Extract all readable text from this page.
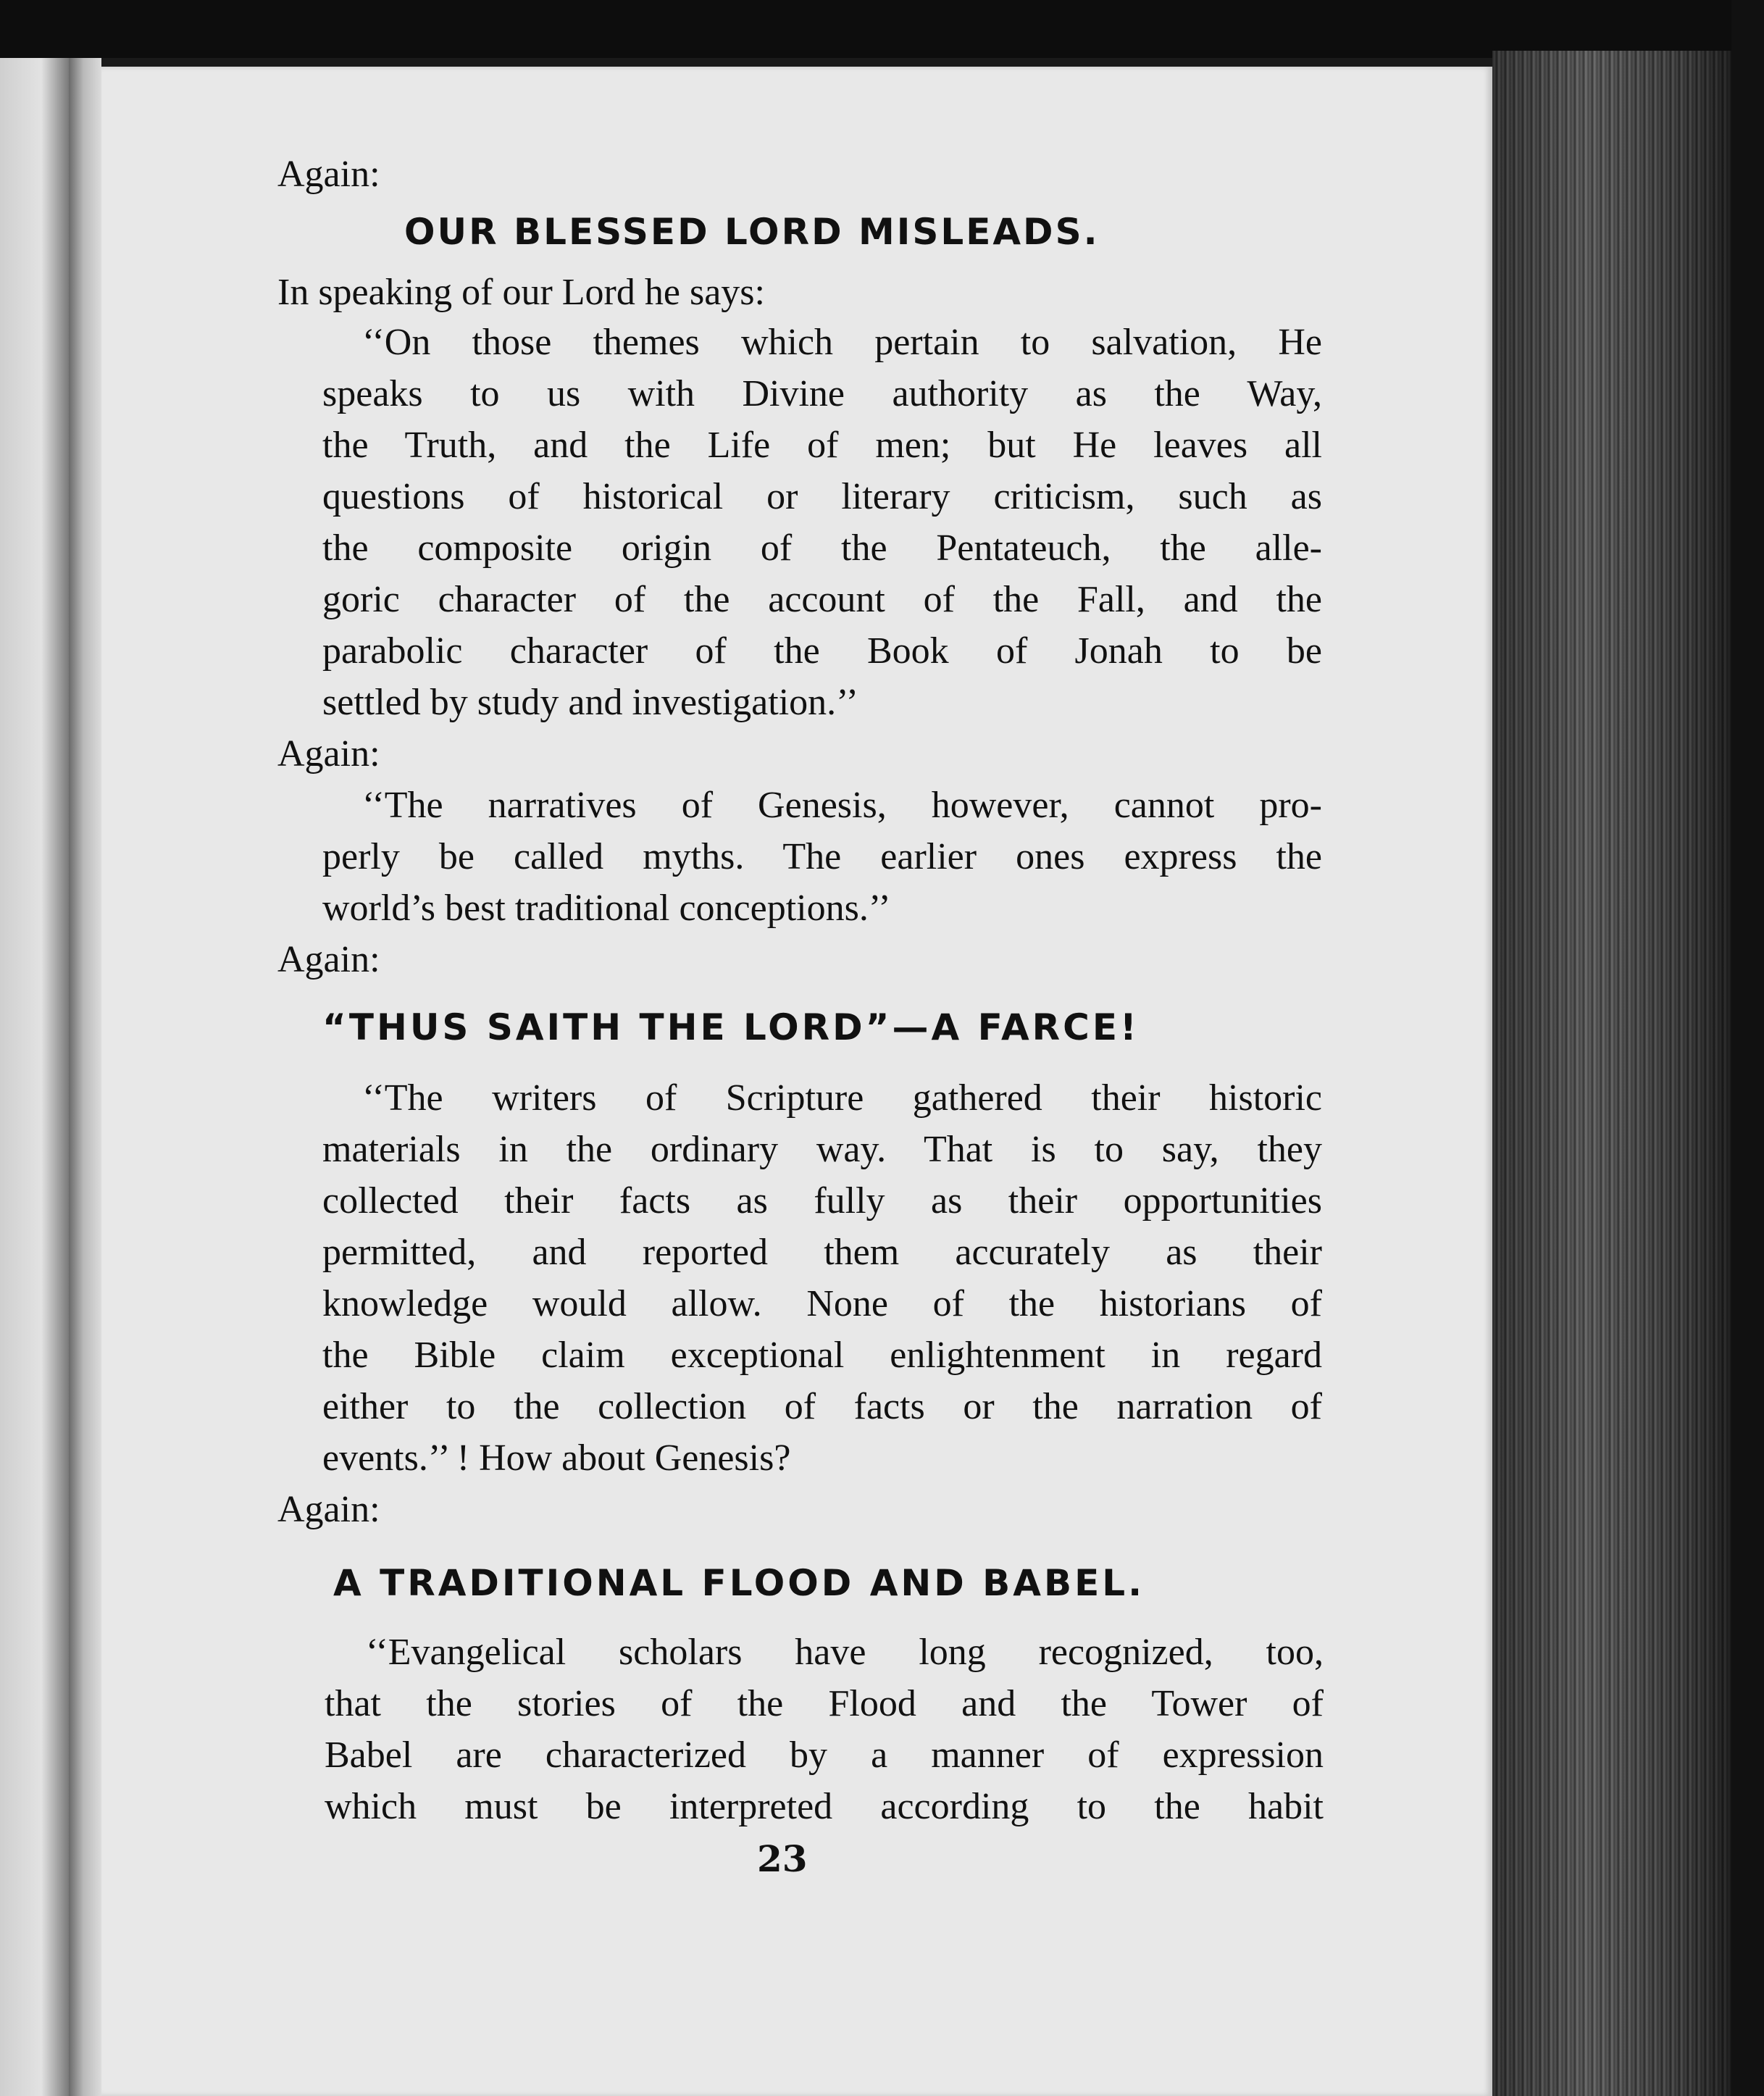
Again:
OUR BLESSED LORD MISLEADS.
In speaking of our Lord he says:
‘‘On those themes which pertain to salvation, He
speaks to us with Divine authority as the Way,
the Truth, and the Life of men; but He leaves all
questions of historical or literary criticism, such as
the composite origin of the Pentateuch, the alle-
goric character of the account of the Fall, and the
parabolic character of the Book of Jonah to be
settled by study and investigation.’’
Again:
‘‘The narratives of Genesis, however, cannot pro-
perly be called myths. The earlier ones express the
world’s best traditional conceptions.’’
Again:
“THUS SAITH THE LORD”—A FARCE!
‘‘The writers of Scripture gathered their historic
materials in the ordinary way. That is to say, they
collected their facts as fully as their opportunities
permitted, and reported them accurately as their
knowledge would allow. None of the historians of
the Bible claim exceptional enlightenment in regard
either to the collection of facts or the narration of
events.’’ ! How about Genesis?
Again:
A TRADITIONAL FLOOD AND BABEL.
‘‘Evangelical scholars have long recognized, too,
that the stories of the Flood and the Tower of
Babel are characterized by a manner of expression
which must be interpreted according to the habit
23
